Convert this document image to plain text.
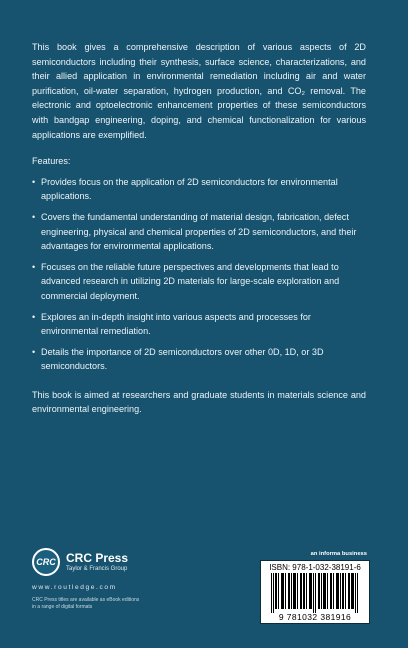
This book gives a comprehensive description of various aspects of 2D semiconductors including their synthesis, surface science, characterizations, and their allied application in environmental remediation including air and water purification, oil-water separation, hydrogen production, and CO₂ removal. The electronic and optoelectronic enhancement properties of these semiconductors with bandgap engineering, doping, and chemical functionalization for various applications are exemplified.

Features:

• Provides focus on the application of 2D semiconductors for environmental applications.
• Covers the fundamental understanding of material design, fabrication, defect engineering, physical and chemical properties of 2D semiconductors, and their advantages for environmental applications.
• Focuses on the reliable future perspectives and developments that lead to advanced research in utilizing 2D materials for large-scale exploration and commercial deployment.
• Explores an in-depth insight into various aspects and processes for environmental remediation.
• Details the importance of 2D semiconductors over other 0D, 1D, or 3D semiconductors.

This book is aimed at researchers and graduate students in materials science and environmental engineering.

CRC CRC Press
Taylor & Francis Group
www.routledge.com
CRC Press titles are available as eBook editions in a range of digital formats
an informa business
ISBN: 978-1-032-38191-6
9 781032 381916
